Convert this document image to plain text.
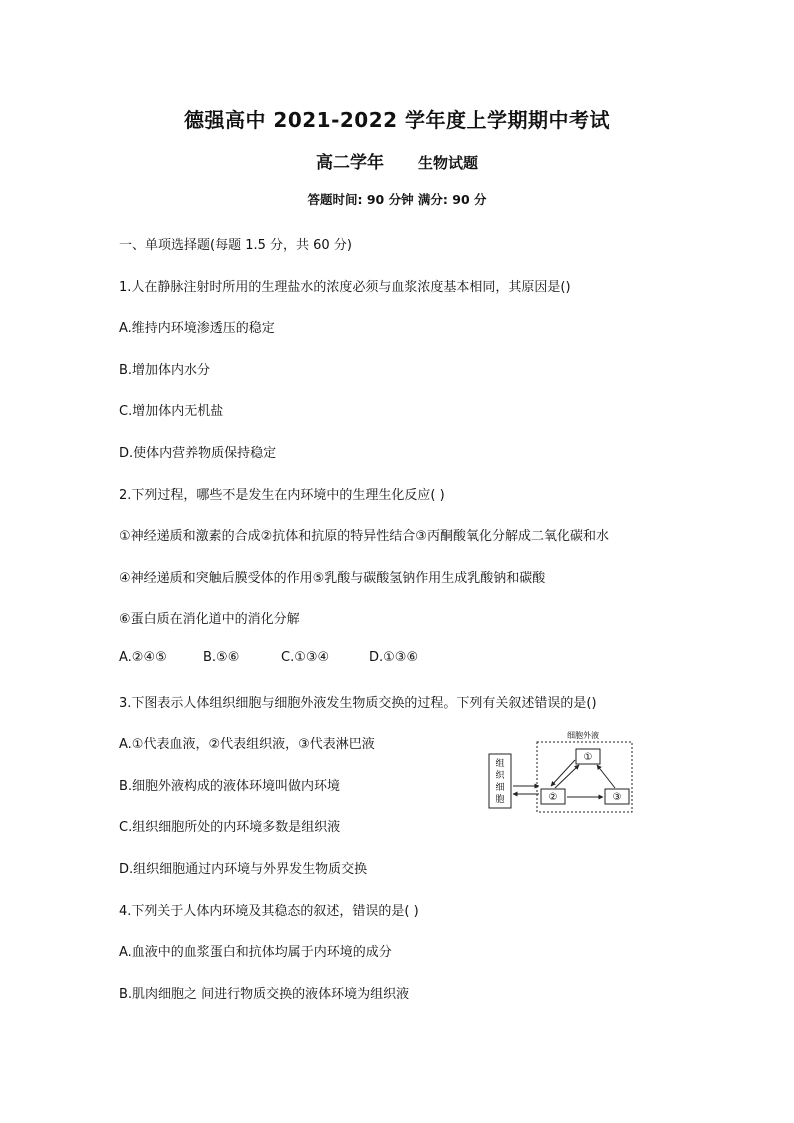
德强高中 2021-2022 学年度上学期期中考试
高二学年 生物试题
答题时间: 90 分钟 满分: 90 分
一、单项选择题(每题 1.5 分，共 60 分)
1.人在静脉注射时所用的生理盐水的浓度必须与血浆浓度基本相同，其原因是()
A.维持内环境渗透压的稳定
B.增加体内水分
C.增加体内无机盐
D.使体内营养物质保持稳定
2.下列过程，哪些不是发生在内环境中的生理生化反应( )
①神经递质和激素的合成②抗体和抗原的特异性结合③丙酮酸氧化分解成二氧化碳和水
④神经递质和突触后膜受体的作用⑤乳酸与碳酸氢钠作用生成乳酸钠和碳酸
⑥蛋白质在消化道中的消化分解
A.②④⑤	B.⑤⑥	C.①③④	D.①③⑥
3.下图表示人体组织细胞与细胞外液发生物质交换的过程。下列有关叙述错误的是()
A.①代表血液，②代表组织液，③代表淋巴液
B.细胞外液构成的液体环境叫做内环境
C.组织细胞所处的内环境多数是组织液
D.组织细胞通过内环境与外界发生物质交换
组
织
细
胞
细胞外液
①
②	③
4.下列关于人体内环境及其稳态的叙述，错误的是( )
A.血液中的血浆蛋白和抗体均属于内环境的成分
B.肌肉细胞之 间进行物质交换的液体环境为组织液
